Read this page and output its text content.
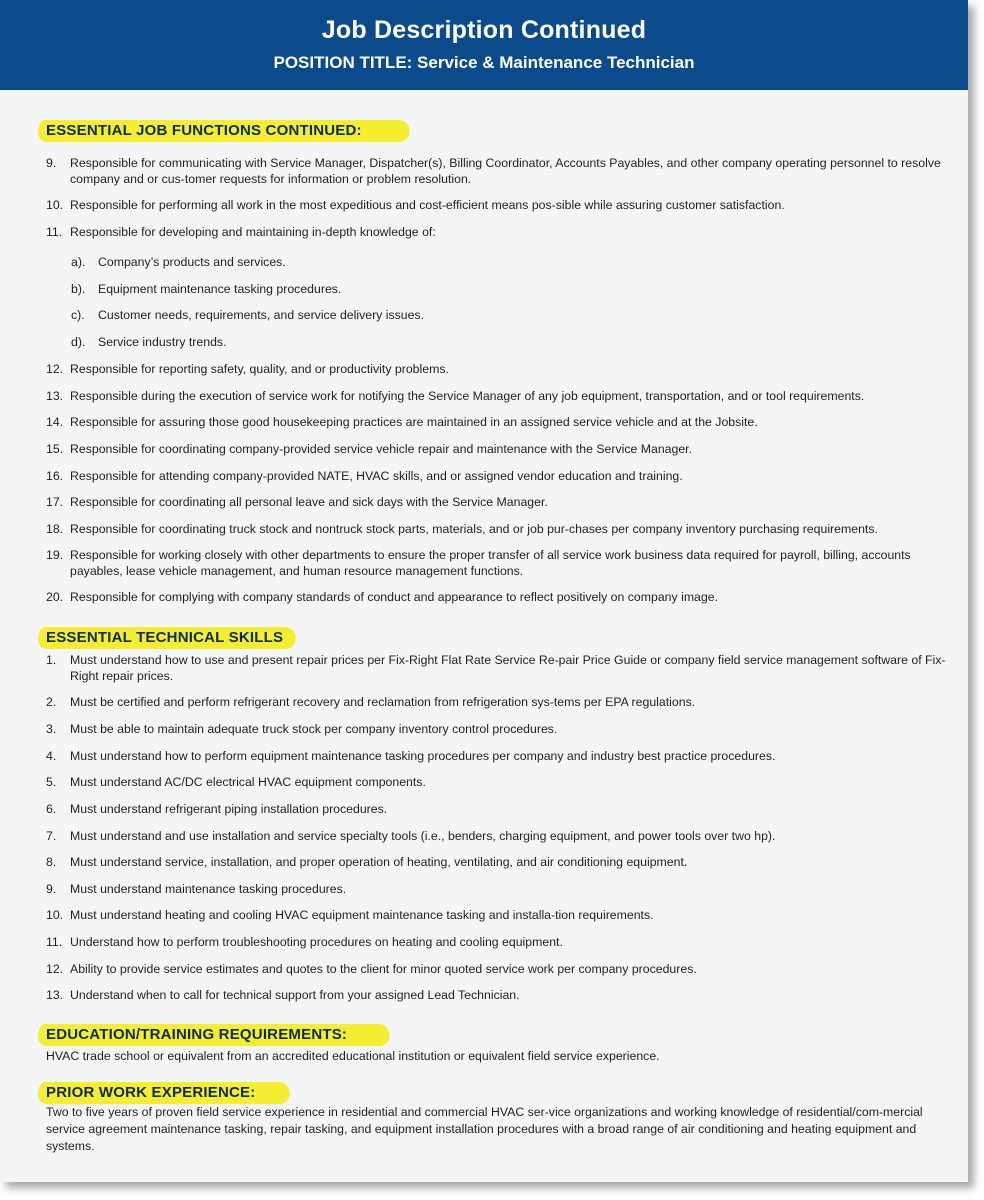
Job Description Continued
POSITION TITLE: Service & Maintenance Technician
ESSENTIAL JOB FUNCTIONS CONTINUED:
9. Responsible for communicating with Service Manager, Dispatcher(s), Billing Coordinator, Accounts Payables, and other company operating personnel to resolve company and or cus-tomer requests for information or problem resolution.
10. Responsible for performing all work in the most expeditious and cost-efficient means pos-sible while assuring customer satisfaction.
11. Responsible for developing and maintaining in-depth knowledge of:
a). Company’s products and services.
b). Equipment maintenance tasking procedures.
c). Customer needs, requirements, and service delivery issues.
d). Service industry trends.
12. Responsible for reporting safety, quality, and or productivity problems.
13. Responsible during the execution of service work for notifying the Service Manager of any job equipment, transportation, and or tool requirements.
14. Responsible for assuring those good housekeeping practices are maintained in an assigned service vehicle and at the Jobsite.
15. Responsible for coordinating company-provided service vehicle repair and maintenance with the Service Manager.
16. Responsible for attending company-provided NATE, HVAC skills, and or assigned vendor education and training.
17. Responsible for coordinating all personal leave and sick days with the Service Manager.
18. Responsible for coordinating truck stock and nontruck stock parts, materials, and or job pur-chases per company inventory purchasing requirements.
19. Responsible for working closely with other departments to ensure the proper transfer of all service work business data required for payroll, billing, accounts payables, lease vehicle management, and human resource management functions.
20. Responsible for complying with company standards of conduct and appearance to reflect positively on company image.
ESSENTIAL TECHNICAL SKILLS
1. Must understand how to use and present repair prices per Fix-Right Flat Rate Service Re-pair Price Guide or company field service management software of Fix-Right repair prices.
2. Must be certified and perform refrigerant recovery and reclamation from refrigeration sys-tems per EPA regulations.
3. Must be able to maintain adequate truck stock per company inventory control procedures.
4. Must understand how to perform equipment maintenance tasking procedures per company and industry best practice procedures.
5. Must understand AC/DC electrical HVAC equipment components.
6. Must understand refrigerant piping installation procedures.
7. Must understand and use installation and service specialty tools (i.e., benders, charging equipment, and power tools over two hp).
8. Must understand service, installation, and proper operation of heating, ventilating, and air conditioning equipment.
9. Must understand maintenance tasking procedures.
10. Must understand heating and cooling HVAC equipment maintenance tasking and installa-tion requirements.
11. Understand how to perform troubleshooting procedures on heating and cooling equipment.
12. Ability to provide service estimates and quotes to the client for minor quoted service work per company procedures.
13. Understand when to call for technical support from your assigned Lead Technician.
EDUCATION/TRAINING REQUIREMENTS:
HVAC trade school or equivalent from an accredited educational institution or equivalent field service experience.
PRIOR WORK EXPERIENCE:
Two to five years of proven field service experience in residential and commercial HVAC ser-vice organizations and working knowledge of residential/com-mercial service agreement maintenance tasking, repair tasking, and equipment installation procedures with a broad range of air conditioning and heating equipment and systems.
